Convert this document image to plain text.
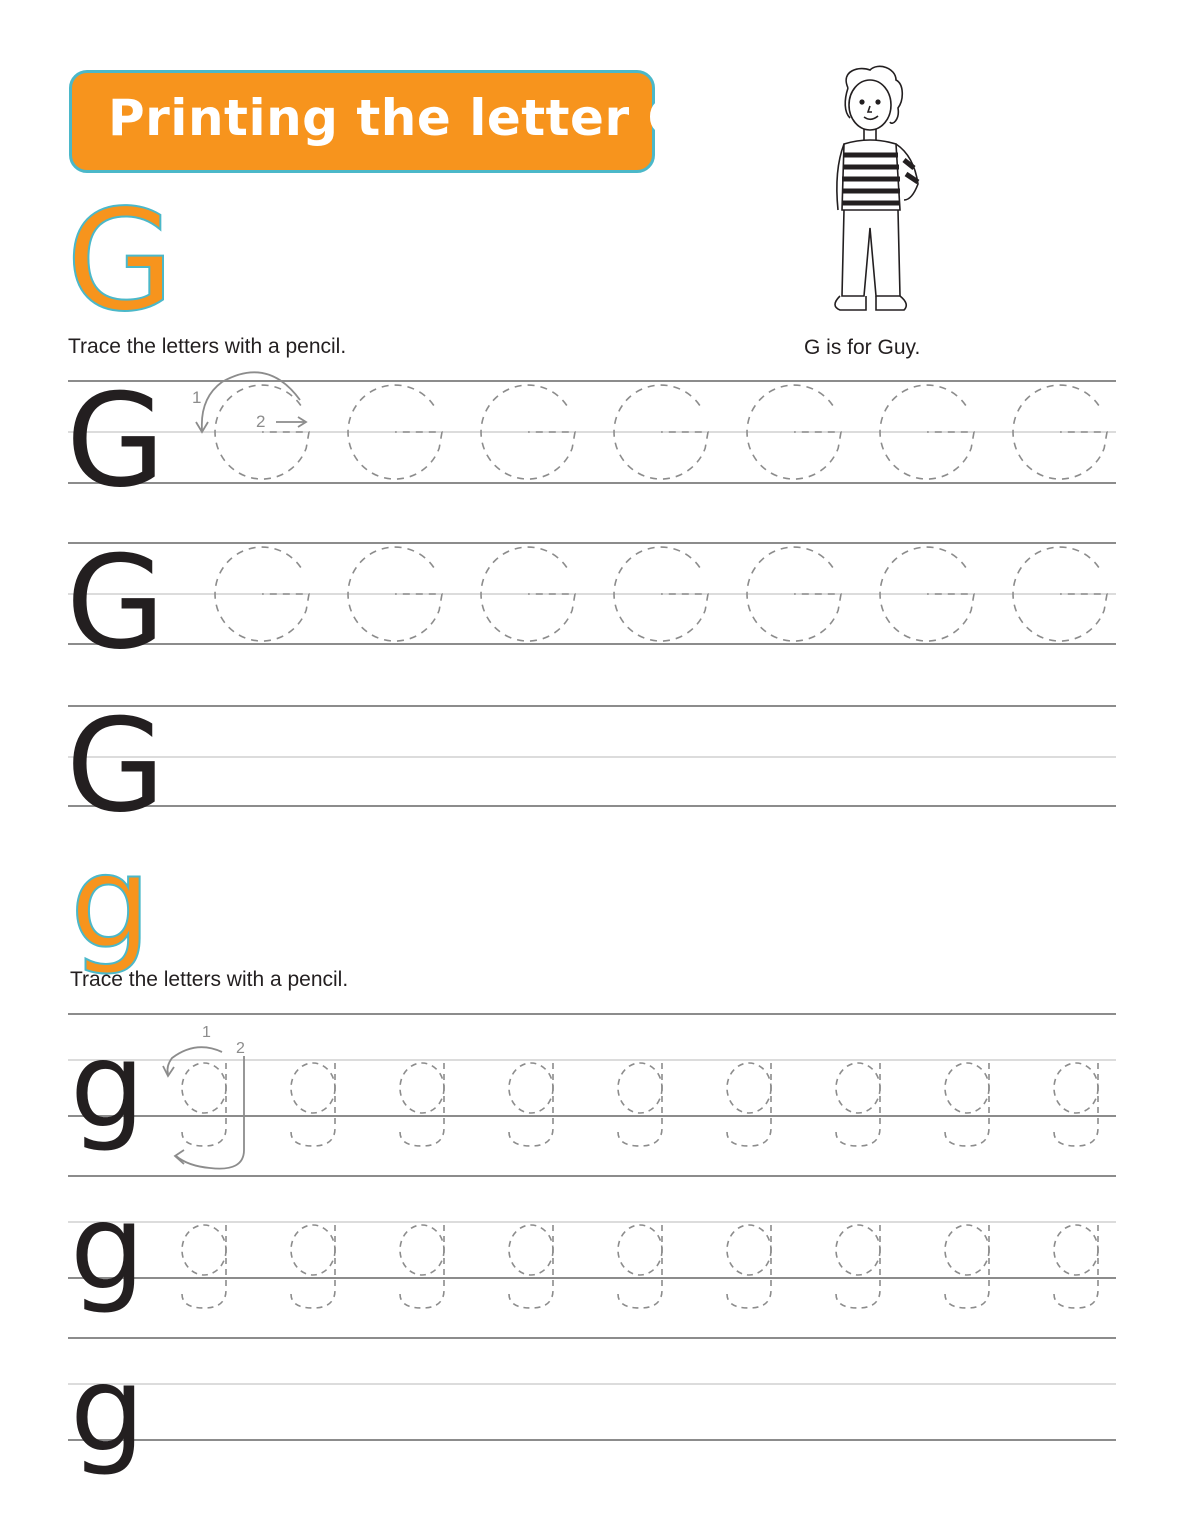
Printing the letter G
G
Trace the letters with a pencil.	G is for Guy.
1
2
1
2
G
G
G
g
Trace the letters with a pencil.
g
g
g
